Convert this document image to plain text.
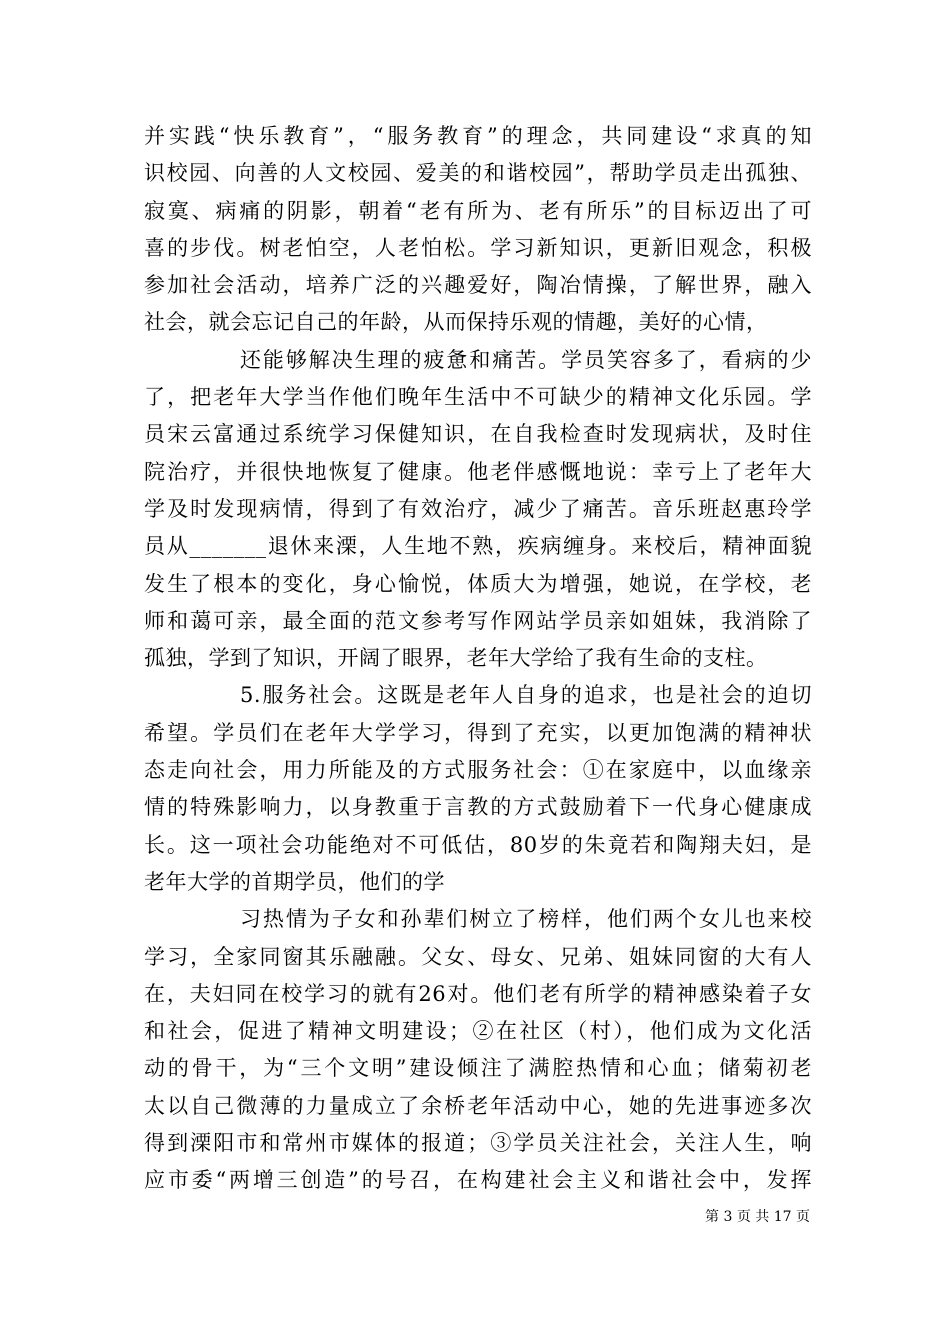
并实践“快乐教育”，“服务教育”的理念，共同建设“求真的知
识校园、向善的人文校园、爱美的和谐校园”，帮助学员走出孤独、
寂寞、病痛的阴影，朝着“老有所为、老有所乐”的目标迈出了可
喜的步伐。树老怕空，人老怕松。学习新知识，更新旧观念，积极
参加社会活动，培养广泛的兴趣爱好，陶冶情操，了解世界，融入
社会，就会忘记自己的年龄，从而保持乐观的情趣，美好的心情，
还能够解决生理的疲惫和痛苦。学员笑容多了，看病的少
了，把老年大学当作他们晚年生活中不可缺少的精神文化乐园。学
员宋云富通过系统学习保健知识，在自我检查时发现病状，及时住
院治疗，并很快地恢复了健康。他老伴感慨地说：幸亏上了老年大
学及时发现病情，得到了有效治疗，减少了痛苦。音乐班赵惠玲学
员从_______退休来溧，人生地不熟，疾病缠身。来校后，精神面貌
发生了根本的变化，身心愉悦，体质大为增强，她说，在学校，老
师和蔼可亲，最全面的范文参考写作网站学员亲如姐妹，我消除了
孤独，学到了知识，开阔了眼界，老年大学给了我有生命的支柱。
5.服务社会。这既是老年人自身的追求，也是社会的迫切
希望。学员们在老年大学学习，得到了充实，以更加饱满的精神状
态走向社会，用力所能及的方式服务社会：①在家庭中，以血缘亲
情的特殊影响力，以身教重于言教的方式鼓励着下一代身心健康成
长。这一项社会功能绝对不可低估，80岁的朱竟若和陶翔夫妇，是
老年大学的首期学员，他们的学
习热情为子女和孙辈们树立了榜样，他们两个女儿也来校
学习，全家同窗其乐融融。父女、母女、兄弟、姐妹同窗的大有人
在，夫妇同在校学习的就有26对。他们老有所学的精神感染着子女
和社会，促进了精神文明建设；②在社区（村），他们成为文化活
动的骨干，为“三个文明”建设倾注了满腔热情和心血；储菊初老
太以自己微薄的力量成立了余桥老年活动中心，她的先进事迹多次
得到溧阳市和常州市媒体的报道；③学员关注社会，关注人生，响
应市委“两增三创造”的号召，在构建社会主义和谐社会中，发挥
第 3 页 共 17 页
